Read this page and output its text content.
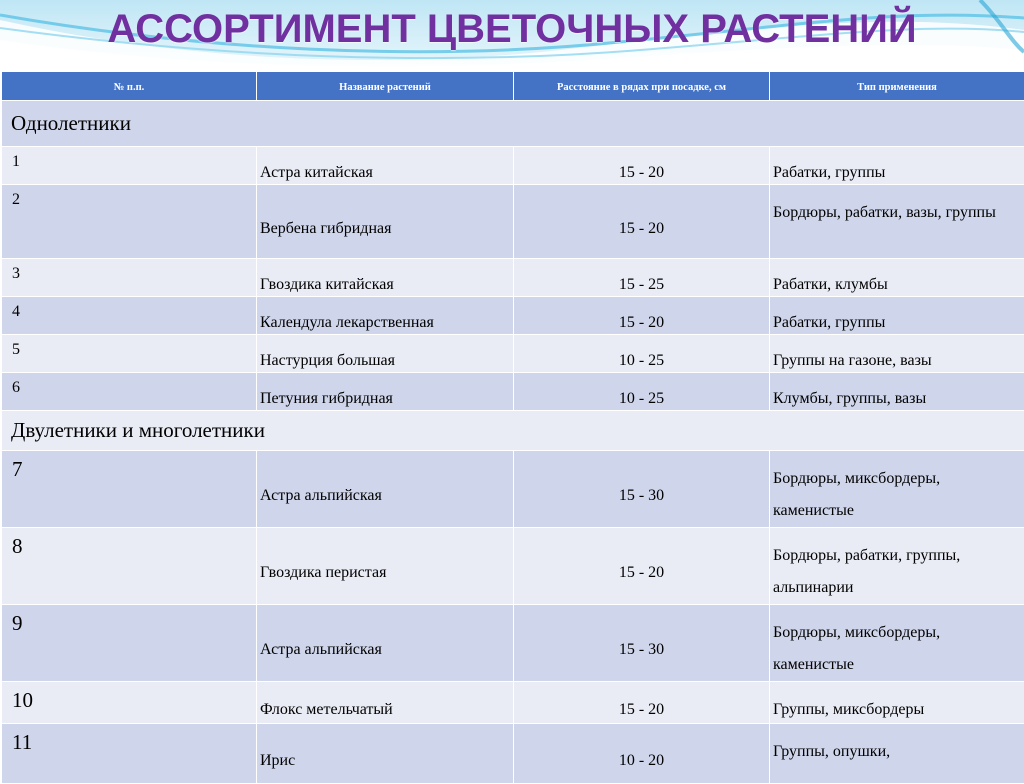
АССОРТИМЕНТ ЦВЕТОЧНЫХ РАСТЕНИЙ
№ п.п.	Название растений	Расстояние в рядах при посадке, см	Тип применения
Однолетники			
1	Астра китайская	15 - 20	Рабатки, группы
2	Вербена гибридная	15 - 20	Бордюры, рабатки, вазы, группы
3	Гвоздика китайская	15 - 25	Рабатки, клумбы
4	Календула лекарственная	15 - 20	Рабатки, группы
5	Настурция большая	10 - 25	Группы на газоне, вазы
6	Петуния гибридная	10 - 25	Клумбы, группы, вазы
Двулетники и многолетники			
7	Астра альпийская	15 - 30	Бордюры, миксбордеры, каменистые
8	Гвоздика перистая	15 - 20	Бордюры, рабатки, группы, альпинарии
9	Астра альпийская	15 - 30	Бордюры, миксбордеры, каменистые
10	Флокс метельчатый	15 - 20	Группы, миксбордеры
11	Ирис	10 - 20	Группы, опушки,
